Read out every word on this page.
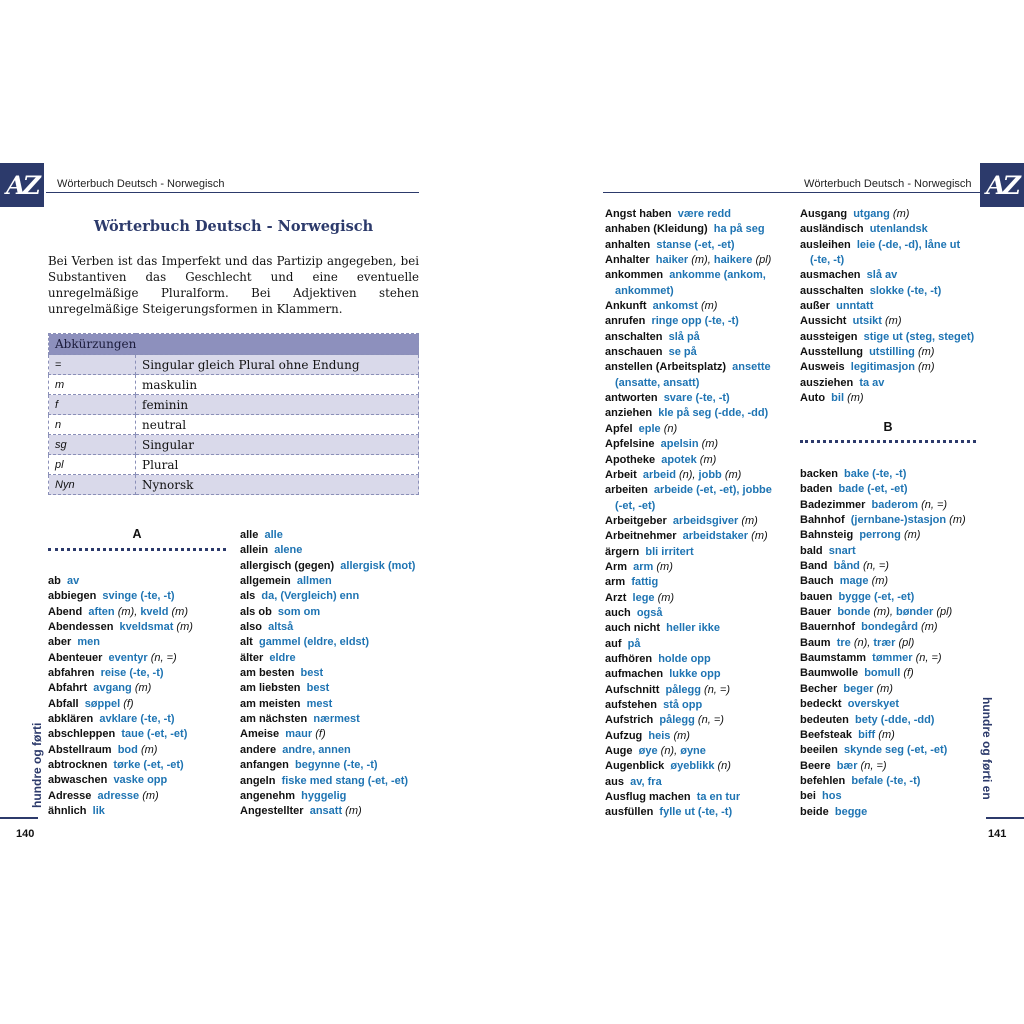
AZ Wörterbuch Deutsch - Norwegisch	AZ
Wörterbuch Deutsch - Norwegisch
Wörterbuch Deutsch - Norwegisch
Bei Verben ist das Imperfekt und das Partizip angegeben, bei Substantiven das Geschlecht und eine eventuelle unregelmäßige Pluralform. Bei Adjektiven stehen unregelmäßige Steigerungsformen in Klammern.
Abkürzungen	
=	Singular gleich Plural ohne Endung
m	maskulin
f	feminin
n	neutral
sg	Singular
pl	Plural
Nyn	Nynorsk
A
B
ab av
abbiegen svinge (-te, -t)
Abend aften (m), kveld (m)
Abendessen kveldsmat (m)
aber men
Abenteuer eventyr (n, =)
abfahren reise (-te, -t)
Abfahrt avgang (m)
Abfall søppel (f)
abklären avklare (-te, -t)
abschleppen taue (-et, -et)
Abstellraum bod (m)
abtrocknen tørke (-et, -et)
abwaschen vaske opp
Adresse adresse (m)
ähnlich lik
alle alle
allein alene
allergisch (gegen) allergisk (mot)
allgemein allmen
als da, (Vergleich) enn
als ob som om
also altså
alt gammel (eldre, eldst)
älter eldre
am besten best
am liebsten best
am meisten mest
am nächsten nærmest
Ameise maur (f)
andere andre, annen
anfangen begynne (-te, -t)
angeln fiske med stang (-et, -et)
angenehm hyggelig
Angestellter ansatt (m)
Angst haben være redd
anhaben (Kleidung) ha på seg
anhalten stanse (-et, -et)
Anhalter haiker (m), haikere (pl)
ankommen ankomme (ankom,
ankommet)
Ankunft ankomst (m)
anrufen ringe opp (-te, -t)
anschalten slå på
anschauen se på
anstellen (Arbeitsplatz) ansette
(ansatte, ansatt)
antworten svare (-te, -t)
anziehen kle på seg (-dde, -dd)
Apfel eple (n)
Apfelsine apelsin (m)
Apotheke apotek (m)
Arbeit arbeid (n), jobb (m)
arbeiten arbeide (-et, -et), jobbe
(-et, -et)
Arbeitgeber arbeidsgiver (m)
Arbeitnehmer arbeidstaker (m)
ärgern bli irritert
Arm arm (m)
arm fattig
Arzt lege (m)
auch også
auch nicht heller ikke
auf på
aufhören holde opp
aufmachen lukke opp
Aufschnitt pålegg (n, =)
aufstehen stå opp
Aufstrich pålegg (n, =)
Aufzug heis (m)
Auge øye (n), øyne
Augenblick øyeblikk (n)
aus av, fra
Ausflug machen ta en tur
ausfüllen fylle ut (-te, -t)
Ausgang utgang (m)
ausländisch utenlandsk
ausleihen leie (-de, -d), låne ut
(-te, -t)
ausmachen slå av
ausschalten slokke (-te, -t)
außer unntatt
Aussicht utsikt (m)
aussteigen stige ut (steg, steget)
Ausstellung utstilling (m)
Ausweis legitimasjon (m)
ausziehen ta av
Auto bil (m)
backen bake (-te, -t)
baden bade (-et, -et)
Badezimmer baderom (n, =)
Bahnhof (jernbane-)stasjon (m)
Bahnsteig perrong (m)
bald snart
Band bånd (n, =)
Bauch mage (m)
bauen bygge (-et, -et)
Bauer bonde (m), bønder (pl)
Bauernhof bondegård (m)
Baum tre (n), trær (pl)
Baumstamm tømmer (n, =)
Baumwolle bomull (f)
Becher beger (m)
bedeckt overskyet
bedeuten bety (-dde, -dd)
Beefsteak biff (m)
beeilen skynde seg (-et, -et)
Beere bær (n, =)
befehlen befale (-te, -t)
bei hos
beide begge
hundre og førti	hundre og førti en
140	141
